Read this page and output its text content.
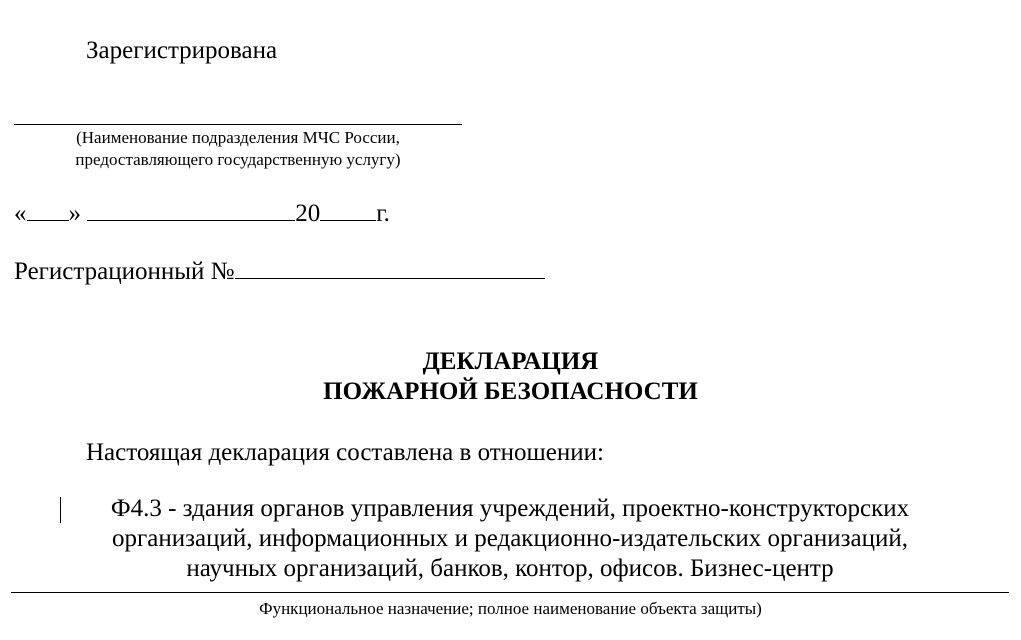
Зарегистрирована
(Наименование подразделения МЧС России,
предоставляющего государственную услугу)
« »	20 г.
Регистрационный №
ДЕКЛАРАЦИЯ
ПОЖАРНОЙ БЕЗОПАСНОСТИ
Настоящая декларация составлена в отношении:
Ф4.3 - здания органов управления учреждений, проектно-конструкторских
организаций, информационных и редакционно-издательских организаций,
научных организаций, банков, контор, офисов. Бизнес-центр
Функциональное назначение; полное наименование объекта защиты)
